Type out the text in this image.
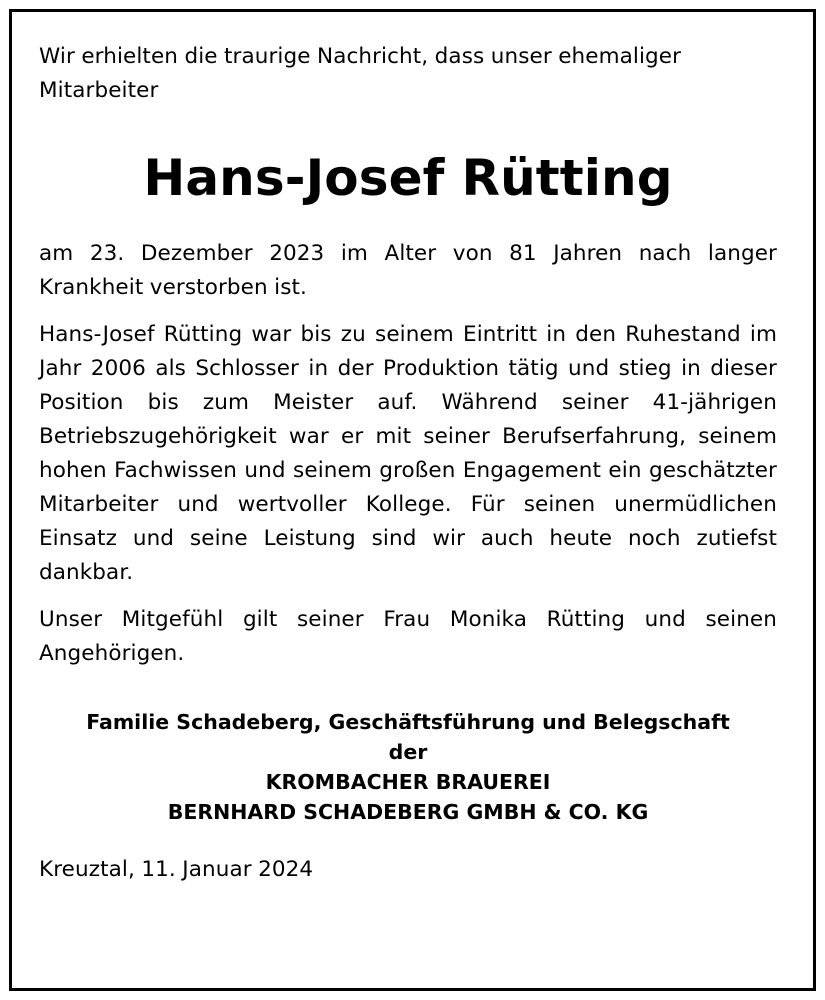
Wir erhielten die traurige Nachricht, dass unser ehemaliger Mitarbeiter

Hans-Josef Rütting

am 23. Dezember 2023 im Alter von 81 Jahren nach langer Krankheit verstorben ist.

Hans-Josef Rütting war bis zu seinem Eintritt in den Ruhestand im Jahr 2006 als Schlosser in der Produktion tätig und stieg in dieser Position bis zum Meister auf. Während seiner 41-jährigen Betriebszugehörigkeit war er mit seiner Berufserfahrung, seinem hohen Fachwissen und seinem großen Engagement ein geschätzter Mitarbeiter und wertvoller Kollege. Für seinen unermüdlichen Einsatz und seine Leistung sind wir auch heute noch zutiefst dankbar.

Unser Mitgefühl gilt seiner Frau Monika Rütting und seinen Angehörigen.

Familie Schadeberg, Geschäftsführung und Belegschaft
der
KROMBACHER BRAUEREI
BERNHARD SCHADEBERG GMBH & CO. KG

Kreuztal, 11. Januar 2024
